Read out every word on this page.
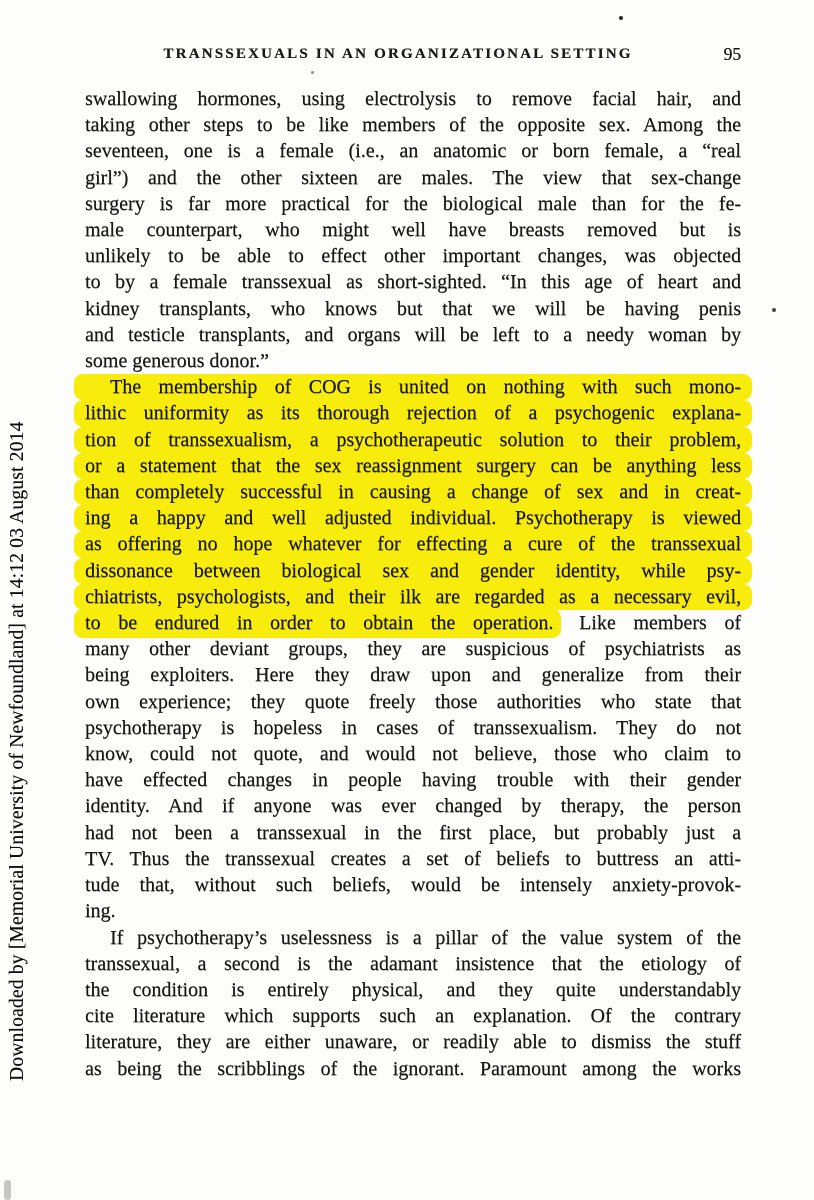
TRANSSEXUALS IN AN ORGANIZATIONAL SETTING	95
swallowing hormones, using electrolysis to remove facial hair, and
taking other steps to be like members of the opposite sex. Among the
seventeen, one is a female (i.e., an anatomic or born female, a “real
girl”) and the other sixteen are males. The view that sex-change
surgery is far more practical for the biological male than for the fe-
male counterpart, who might well have breasts removed but is
unlikely to be able to effect other important changes, was objected
to by a female transsexual as short-sighted. “In this age of heart and
kidney transplants, who knows but that we will be having penis
and testicle transplants, and organs will be left to a needy woman by
some generous donor.”
The membership of COG is united on nothing with such mono-
lithic uniformity as its thorough rejection of a psychogenic explana-
tion of transsexualism, a psychotherapeutic solution to their problem,
or a statement that the sex reassignment surgery can be anything less
than completely successful in causing a change of sex and in creat-
ing a happy and well adjusted individual. Psychotherapy is viewed
as offering no hope whatever for effecting a cure of the transsexual
dissonance between biological sex and gender identity, while psy-
chiatrists, psychologists, and their ilk are regarded as a necessary evil,
to be endured in order to obtain the operation. Like members of
many other deviant groups, they are suspicious of psychiatrists as
being exploiters. Here they draw upon and generalize from their
own experience; they quote freely those authorities who state that
psychotherapy is hopeless in cases of transsexualism. They do not
know, could not quote, and would not believe, those who claim to
have effected changes in people having trouble with their gender
identity. And if anyone was ever changed by therapy, the person
had not been a transsexual in the first place, but probably just a
TV. Thus the transsexual creates a set of beliefs to buttress an atti-
tude that, without such beliefs, would be intensely anxiety-provok-
ing.
If psychotherapy’s uselessness is a pillar of the value system of the
transsexual, a second is the adamant insistence that the etiology of
the condition is entirely physical, and they quite understandably
cite literature which supports such an explanation. Of the contrary
literature, they are either unaware, or readily able to dismiss the stuff
as being the scribblings of the ignorant. Paramount among the works
Downloaded by [Memorial University of Newfoundland] at 14:12 03 August 2014
